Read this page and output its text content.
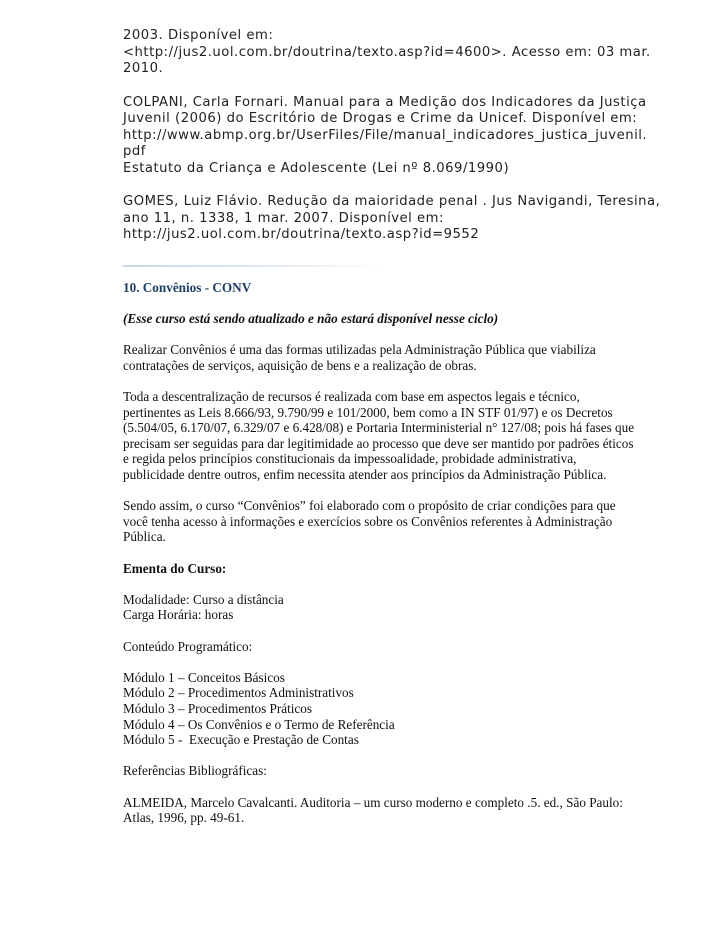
2003. Disponível em:
<http://jus2.uol.com.br/doutrina/texto.asp?id=4600>. Acesso em: 03 mar.
2010.

COLPANI, Carla Fornari. Manual para a Medição dos Indicadores da Justiça
Juvenil (2006) do Escritório de Drogas e Crime da Unicef. Disponível em:
http://www.abmp.org.br/UserFiles/File/manual_indicadores_justica_juvenil.
pdf
Estatuto da Criança e Adolescente (Lei nº 8.069/1990)

GOMES, Luiz Flávio. Redução da maioridade penal . Jus Navigandi, Teresina,
ano 11, n. 1338, 1 mar. 2007. Disponível em:
http://jus2.uol.com.br/doutrina/texto.asp?id=9552

10. Convênios - CONV

(Esse curso está sendo atualizado e não estará disponível nesse ciclo)

Realizar Convênios é uma das formas utilizadas pela Administração Pública que viabiliza
contratações de serviços, aquisição de bens e a realização de obras.

Toda a descentralização de recursos é realizada com base em aspectos legais e técnico,
pertinentes as Leis 8.666/93, 9.790/99 e 101/2000, bem como a IN STF 01/97) e os Decretos
(5.504/05, 6.170/07, 6.329/07 e 6.428/08) e Portaria Interministerial n° 127/08; pois há fases que
precisam ser seguidas para dar legitimidade ao processo que deve ser mantido por padrões éticos
e regida pelos princípios constitucionais da impessoalidade, probidade administrativa,
publicidade dentre outros, enfim necessita atender aos princípios da Administração Pública.

Sendo assim, o curso “Convênios” foi elaborado com o propósito de criar condições para que
você tenha acesso à informações e exercícios sobre os Convênios referentes à Administração
Pública.

Ementa do Curso:

Modalidade: Curso a distância
Carga Horária: horas

Conteúdo Programático:

Módulo 1 – Conceitos Básicos
Módulo 2 – Procedimentos Administrativos
Módulo 3 – Procedimentos Práticos
Módulo 4 – Os Convênios e o Termo de Referência
Módulo 5 -  Execução e Prestação de Contas

Referências Bibliográficas:

ALMEIDA, Marcelo Cavalcanti. Auditoria – um curso moderno e completo .5. ed., São Paulo:
Atlas, 1996, pp. 49-61.
